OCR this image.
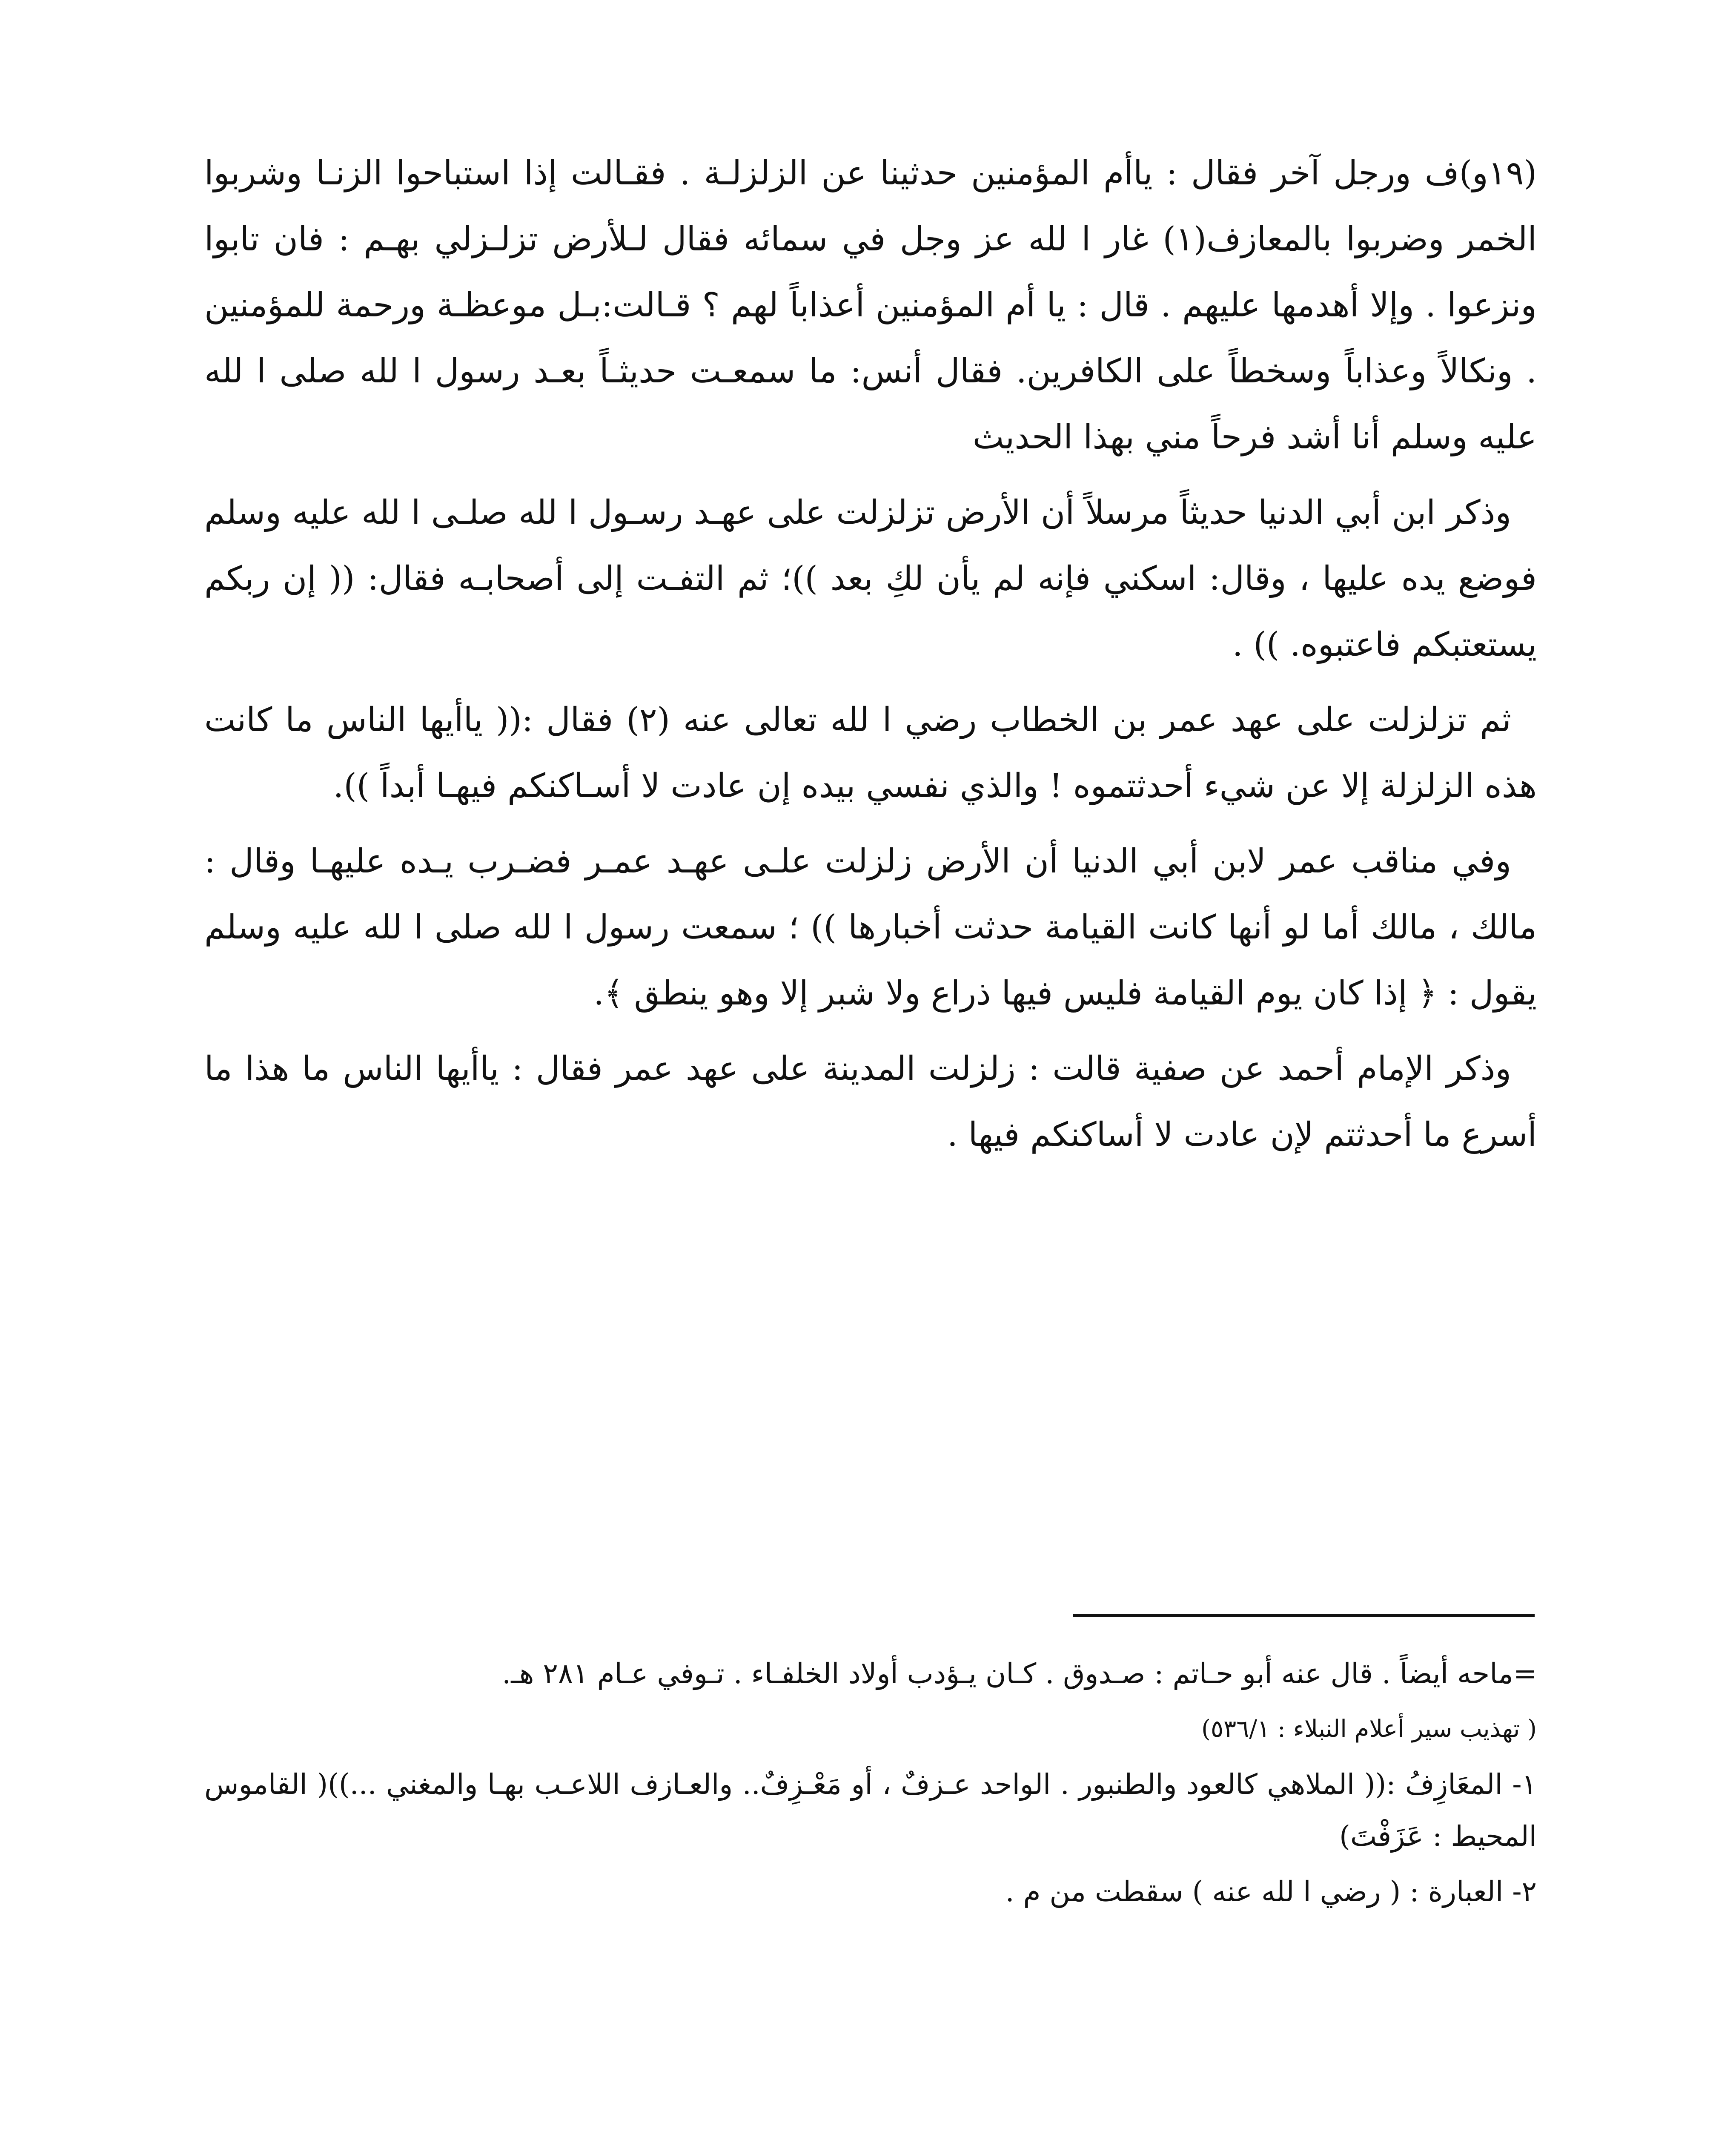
(١٩و)ف ورجل آخر فقال : ياأم المؤمنين حدثينا عن الزلزلـة . فقـالت إذا استباحوا الزنـا وشربوا الخمر وضربوا بالمعازف(١) غار ا لله عز وجل في سمائه فقال لـلأرض تزلـزلي بهـم : فان تابوا ونزعوا . وإلا أهدمها عليهم . قال : يا أم المؤمنين أعذاباً لهم ؟ قـالت:بـل موعظـة ورحمة للمؤمنين . ونكالاً وعذاباً وسخطاً على الكافرين. فقال أنس: ما سمعـت حديثـاً بعـد رسول ا لله صلى ا لله عليه وسلم أنا أشد فرحاً مني بهذا الحديث

وذكر ابن أبي الدنيا حديثاً مرسلاً أن الأرض تزلزلت على عهـد رسـول ا لله صلـى ا لله عليه وسلم فوضع يده عليها ، وقال: اسكني فإنه لم يأن لكِ بعد ))؛ ثم التفـت إلى أصحابـه فقال: (( إن ربكم يستعتبكم فاعتبوه. )) .

ثم تزلزلت على عهد عمر بن الخطاب رضي ا لله تعالى عنه (٢) فقال :(( ياأيها الناس ما كانت هذه الزلزلة إلا عن شيء أحدثتموه ! والذي نفسي بيده إن عادت لا أسـاكنكم فيهـا أبداً )).

وفي مناقب عمر لابن أبي الدنيا أن الأرض زلزلت علـى عهـد عمـر فضـرب يـده عليهـا وقال : مالك ، مالك أما لو أنها كانت القيامة حدثت أخبارها )) ؛ سمعت رسول ا لله صلى ا لله عليه وسلم يقول : ﴿ إذا كان يوم القيامة فليس فيها ذراع ولا شبر إلا وهو ينطق ﴾.

وذكر الإمام أحمد عن صفية قالت : زلزلت المدينة على عهد عمر فقال : ياأيها الناس ما هذا ما أسرع ما أحدثتم لإن عادت لا أساكنكم فيها .

=ماحه أيضاً . قال عنه أبو حـاتم : صـدوق . كـان يـؤدب أولاد الخلفـاء . تـوفي عـام ٢٨١ هـ.

( تهذيب سير أعلام النبلاء : ٥٣٦/١)

١- المعَازِفُ :(( الملاهي كالعود والطنبور . الواحد عـزفٌ ، أو مَعْـزِفٌ.. والعـازف اللاعـب بهـا والمغني ...))( القاموس المحيط : عَزَفْتَ)

٢- العبارة : ( رضي ا لله عنه ) سقطت من م .
